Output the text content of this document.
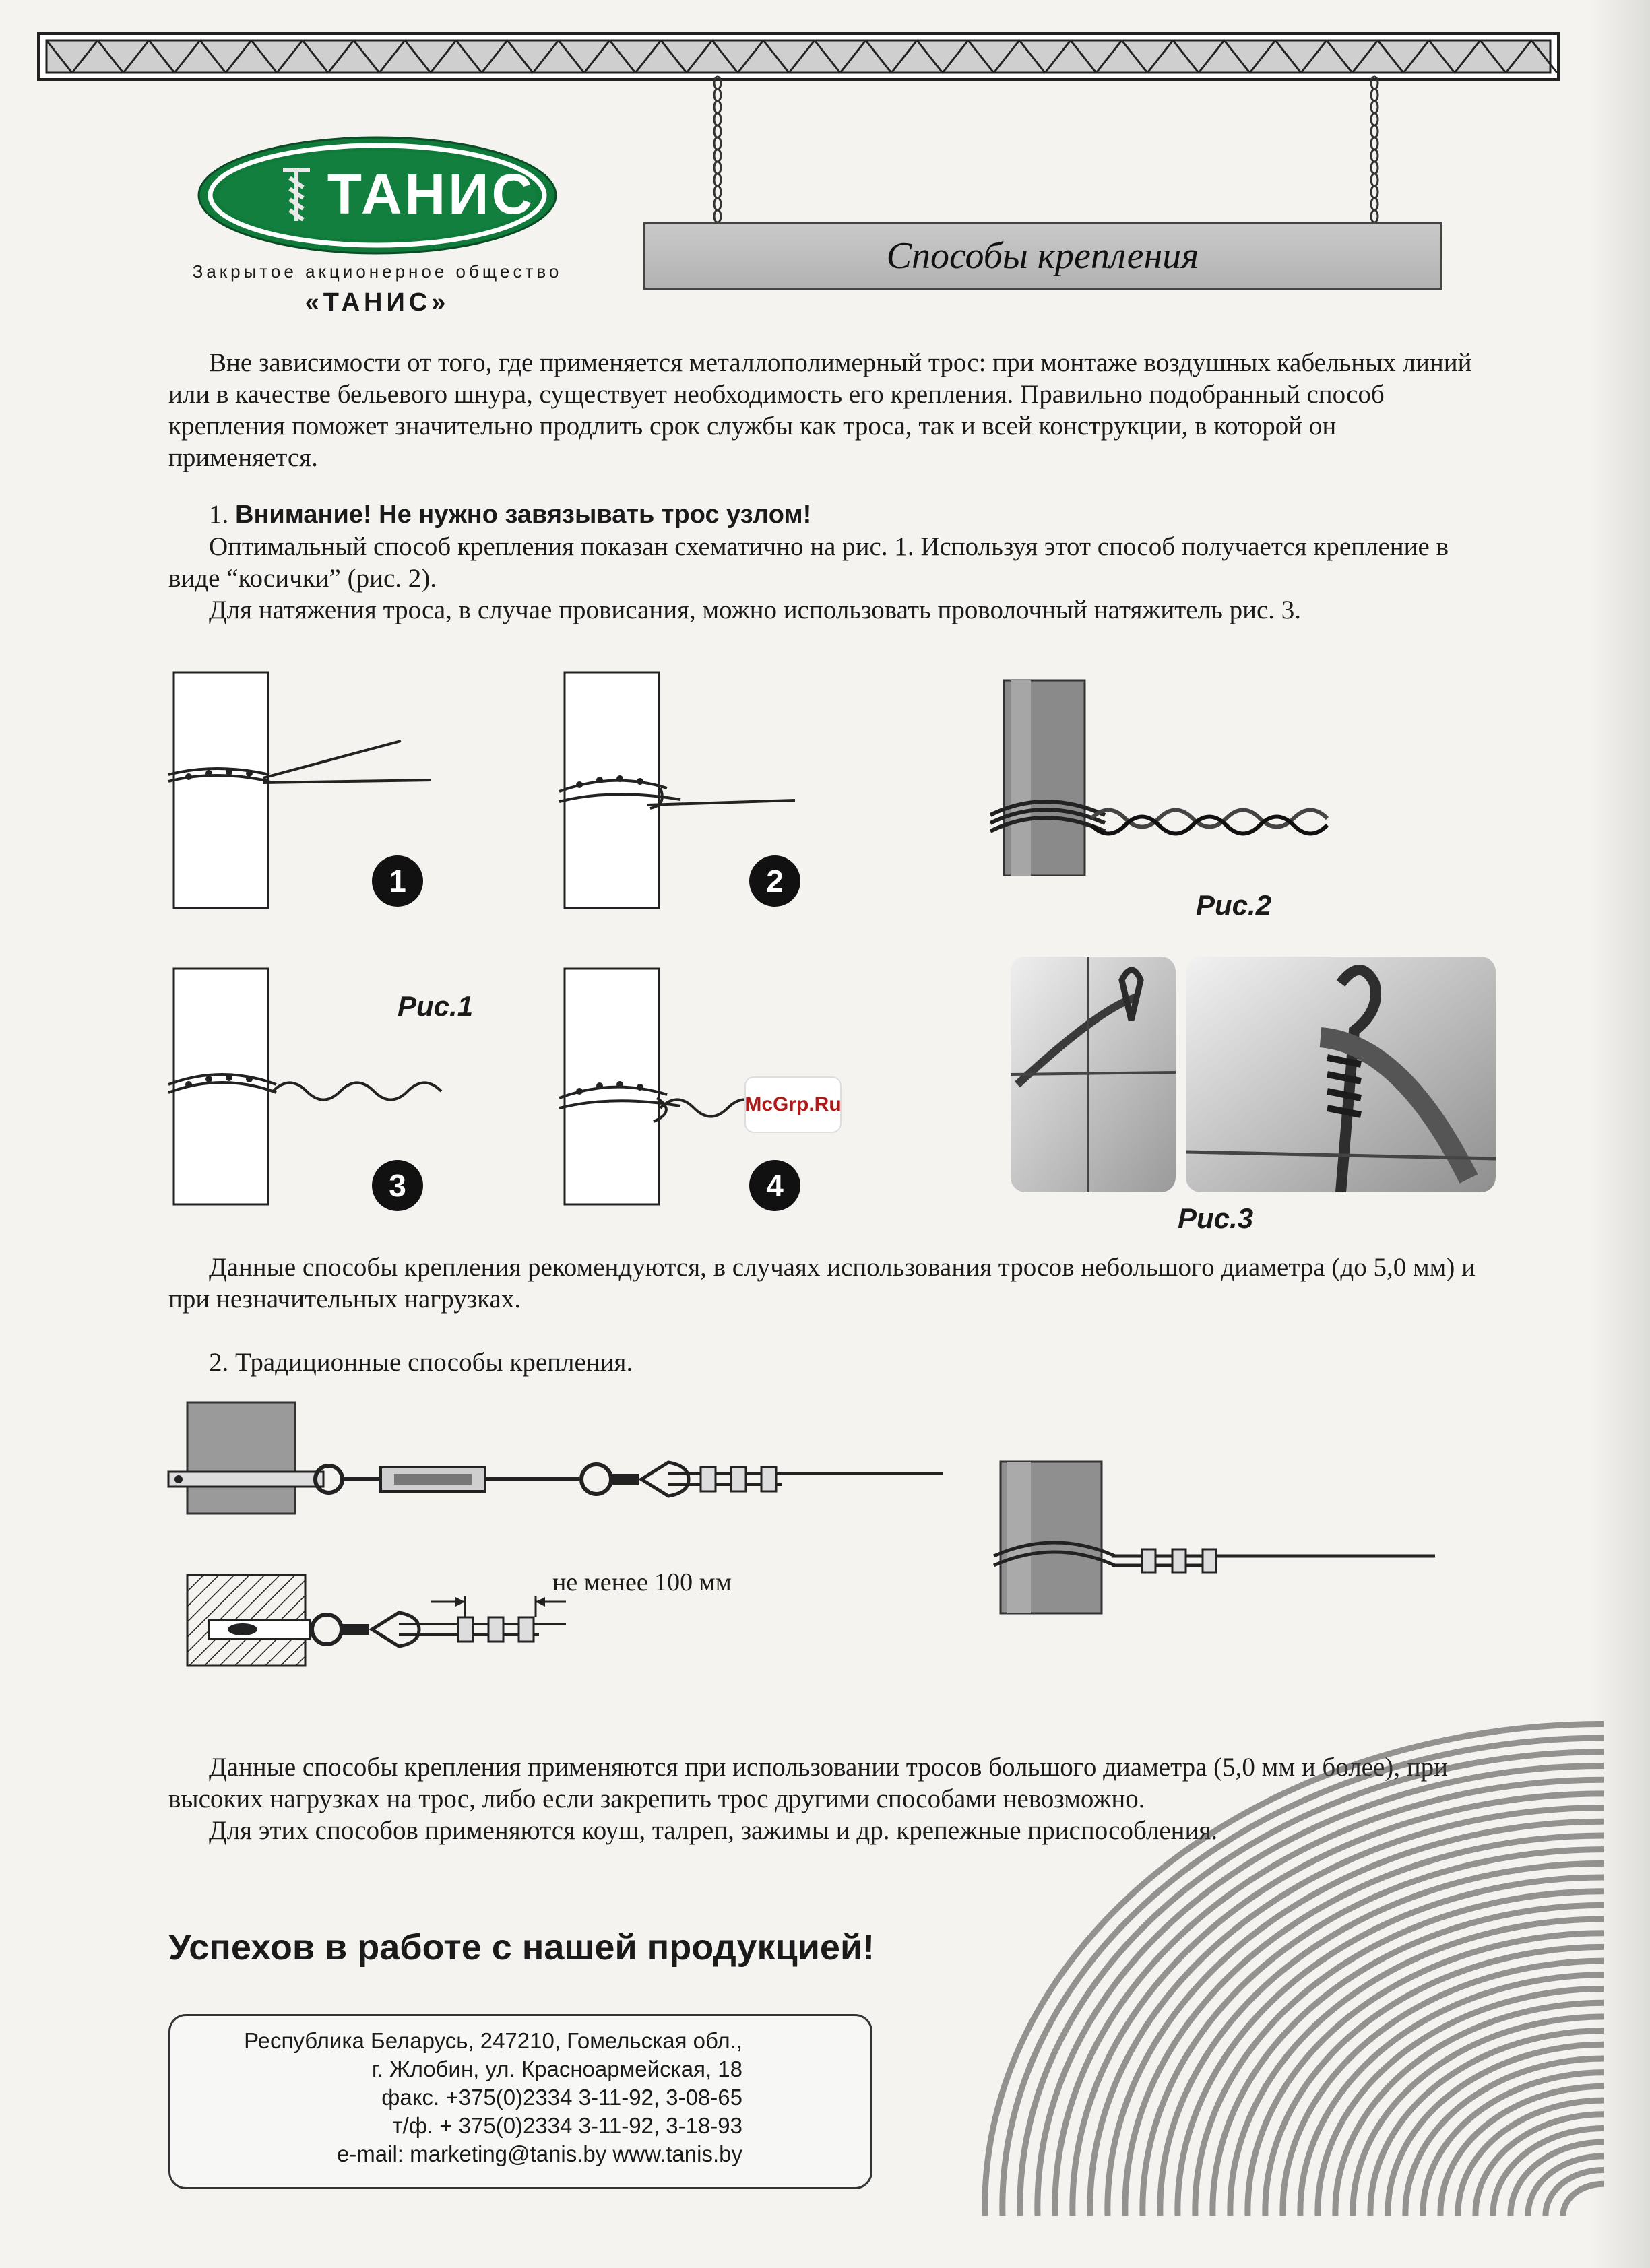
ТАНИС
Закрытое акционерное общество
«ТАНИС»
Способы крепления
Вне зависимости от того, где применяется металлополимерный трос: при монтаже воздушных кабельных линий или в качестве бельевого шнура, существует необходимость его крепления. Правильно подобранный способ крепления поможет значительно продлить срок службы как троса, так и всей конструкции, в которой он применяется.
1. Внимание! Не нужно завязывать трос узлом!
Оптимальный способ крепления показан схематично на рис. 1. Используя этот способ получается крепление в виде “косички” (рис. 2).
Для натяжения троса, в случае провисания, можно использовать проволочный натяжитель рис. 3.
1	2
3	4
Рис.1
Рис.2
Рис.3
McGrp.Ru
Данные способы крепления рекомендуются, в случаях использования тросов небольшого диаметра (до 5,0 мм) и при незначительных нагрузках.
2. Традиционные способы крепления.
не менее 100 мм
Данные способы крепления применяются при использовании тросов большого диаметра (5,0 мм и более), при высоких нагрузках на трос, либо если закрепить трос другими способами невозможно.
Для этих способов применяются коуш, талреп, зажимы и др. крепежные приспособления.
Успехов в работе с нашей продукцией!
Республика Беларусь, 247210, Гомельская обл.,
г. Жлобин, ул. Красноармейская, 18
факс. +375(0)2334 3-11-92, 3-08-65
т/ф. + 375(0)2334 3-11-92, 3-18-93
e-mail: marketing@tanis.by www.tanis.by
